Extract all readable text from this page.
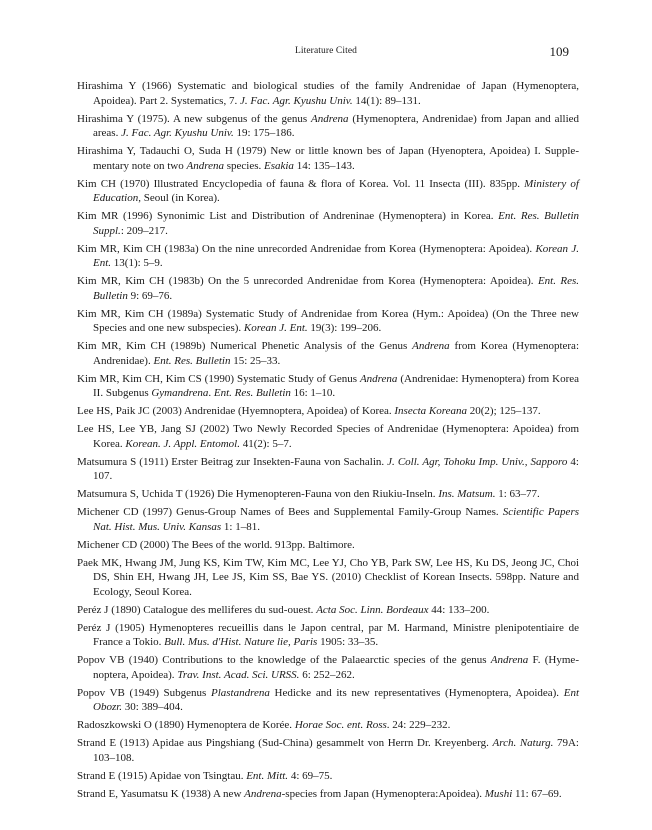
Literature Cited	109
Hirashima Y (1966) Systematic and biological studies of the family Andrenidae of Japan (Hymenoptera, Apoidea). Part 2. Systematics, 7. J. Fac. Agr. Kyushu Univ. 14(1): 89–131.
Hirashima Y (1975). A new subgenus of the genus Andrena (Hymenoptera, Andrenidae) from Japan and allied areas. J. Fac. Agr. Kyushu Univ. 19: 175–186.
Hirashima Y, Tadauchi O, Suda H (1979) New or little known bes of Japan (Hyenoptera, Apoidea) I. Supplementary note on two Andrena species. Esakia 14: 135–143.
Kim CH (1970) Illustrated Encyclopedia of fauna & flora of Korea. Vol. 11 Insecta (III). 835pp. Ministery of Education, Seoul (in Korea).
Kim MR (1996) Synonimic List and Distribution of Andreninae (Hymenoptera) in Korea. Ent. Res. Bulletin Suppl.: 209–217.
Kim MR, Kim CH (1983a) On the nine unrecorded Andrenidae from Korea (Hymenoptera: Apoidea). Korean J. Ent. 13(1): 5–9.
Kim MR, Kim CH (1983b) On the 5 unrecorded Andrenidae from Korea (Hymenoptera: Apoidea). Ent. Res. Bulletin 9: 69–76.
Kim MR, Kim CH (1989a) Systematic Study of Andrenidae from Korea (Hym.: Apoidea) (On the Three new Species and one new subspecies). Korean J. Ent. 19(3): 199–206.
Kim MR, Kim CH (1989b) Numerical Phenetic Analysis of the Genus Andrena from Korea (Hymenoptera: Andrenidae). Ent. Res. Bulletin 15: 25–33.
Kim MR, Kim CH, Kim CS (1990) Systematic Study of Genus Andrena (Andrenidae: Hymenoptera) from Korea II. Subgenus Gymandrena. Ent. Res. Bulletin 16: 1–10.
Lee HS, Paik JC (2003) Andrenidae (Hyemnoptera, Apoidea) of Korea. Insecta Koreana 20(2); 125–137.
Lee HS, Lee YB, Jang SJ (2002) Two Newly Recorded Species of Andrenidae (Hymenoptera: Apoidea) from Korea. Korean. J. Appl. Entomol. 41(2): 5–7.
Matsumura S (1911) Erster Beitrag zur Insekten-Fauna von Sachalin. J. Coll. Agr, Tohoku Imp. Univ., Sapporo 4: 107.
Matsumura S, Uchida T (1926) Die Hymenopteren-Fauna von den Riukiu-Inseln. Ins. Matsum. 1: 63–77.
Michener CD (1997) Genus-Group Names of Bees and Supplemental Family-Group Names. Scientific Papers Nat. Hist. Mus. Univ. Kansas 1: 1–81.
Michener CD (2000) The Bees of the world. 913pp. Baltimore.
Paek MK, Hwang JM, Jung KS, Kim TW, Kim MC, Lee YJ, Cho YB, Park SW, Lee HS, Ku DS, Jeong JC, Choi DS, Shin EH, Hwang JH, Lee JS, Kim SS, Bae YS. (2010) Checklist of Korean Insects. 598pp. Nature and Ecology, Seoul Korea.
Peréz J (1890) Catalogue des melliferes du sud-ouest. Acta Soc. Linn. Bordeaux 44: 133–200.
Peréz J (1905) Hymenopteres recueillis dans le Japon central, par M. Harmand, Ministre plenipotentiaire de France a Tokio. Bull. Mus. d'Hist. Nature lie, Paris 1905: 33–35.
Popov VB (1940) Contributions to the knowledge of the Palaearctic species of the genus Andrena F. (Hymenoptera, Apoidea). Trav. Inst. Acad. Sci. URSS. 6: 252–262.
Popov VB (1949) Subgenus Plastandrena Hedicke and its new representatives (Hymenoptera, Apoidea). Ent Obozr. 30: 389–404.
Radoszkowski O (1890) Hymenoptera de Korée. Horae Soc. ent. Ross. 24: 229–232.
Strand E (1913) Apidae aus Pingshiang (Sud-China) gesammelt von Herrn Dr. Kreyenberg. Arch. Naturg. 79A: 103–108.
Strand E (1915) Apidae von Tsingtau. Ent. Mitt. 4: 69–75.
Strand E, Yasumatsu K (1938) A new Andrena-species from Japan (Hymenoptera:Apoidea). Mushi 11: 67–69.
